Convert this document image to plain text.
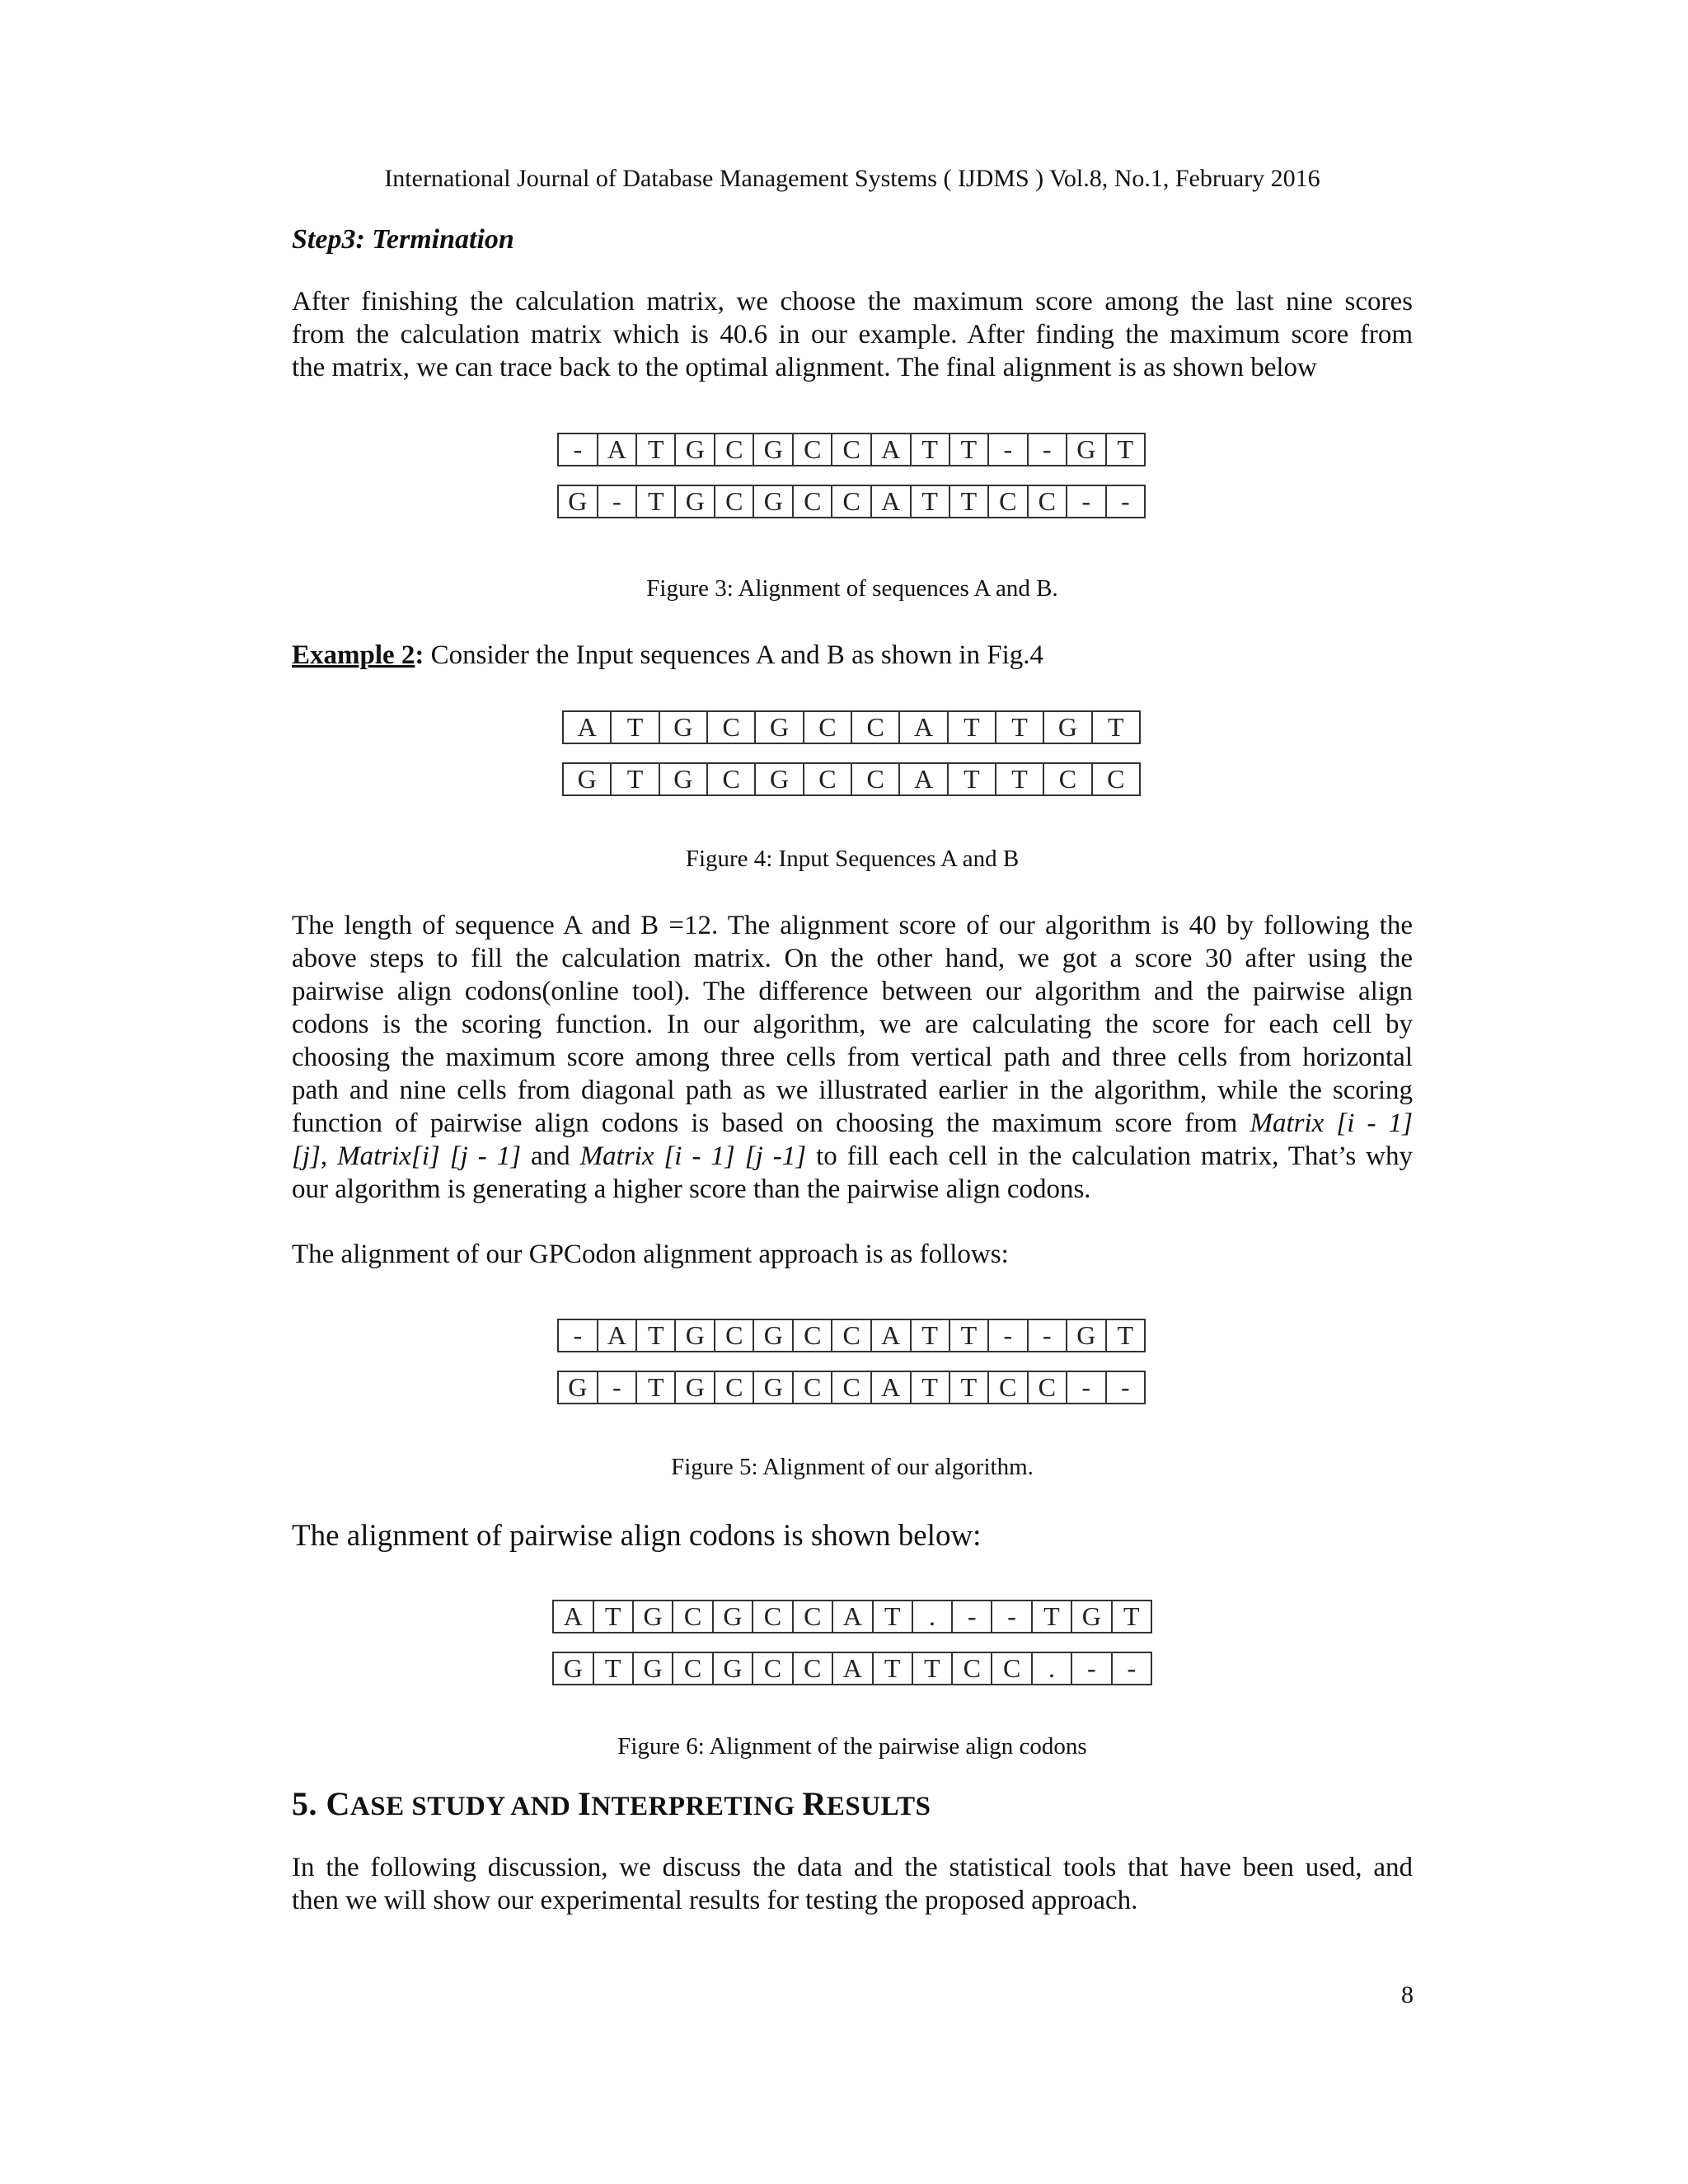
International Journal of Database Management Systems ( IJDMS ) Vol.8, No.1, February 2016
Step3: Termination
After finishing the calculation matrix, we choose the maximum score among the last nine scores
from the calculation matrix which is 40.6 in our example. After finding the maximum score from
the matrix, we can trace back to the optimal alignment. The final alignment is as shown below
-	A	T	G	C	G	C	C	A	T	T	-	-	G	T

G	-	T	G	C	G	C	C	A	T	T	C	C	-	-
Figure 3: Alignment of sequences A and B.
Example 2: Consider the Input sequences A and B as shown in Fig.4
A	T	G	C	G	C	C	A	T	T	G	T

G	T	G	C	G	C	C	A	T	T	C	C
Figure 4: Input Sequences A and B
The length of sequence A and B =12. The alignment score of our algorithm is 40 by following the
above steps to fill the calculation matrix. On the other hand, we got a score 30 after using the
pairwise align codons(online tool). The difference between our algorithm and the pairwise align
codons is the scoring function. In our algorithm, we are calculating the score for each cell by
choosing the maximum score among three cells from vertical path and three cells from horizontal
path and nine cells from diagonal path as we illustrated earlier in the algorithm, while the scoring
function of pairwise align codons is based on choosing the maximum score from Matrix [i - 1]
[j], Matrix[i] [j - 1] and Matrix [i - 1] [j -1] to fill each cell in the calculation matrix, That’s why
our algorithm is generating a higher score than the pairwise align codons.
The alignment of our GPCodon alignment approach is as follows:
-	A	T	G	C	G	C	C	A	T	T	-	-	G	T

G	-	T	G	C	G	C	C	A	T	T	C	C	-	-
Figure 5: Alignment of our algorithm.
The alignment of pairwise align codons is shown below:
A	T	G	C	G	C	C	A	T	.	-	-	T	G	T

G	T	G	C	G	C	C	A	T	T	C	C	.	-	-
Figure 6: Alignment of the pairwise align codons
5. CASE STUDY AND INTERPRETING RESULTS
In the following discussion, we discuss the data and the statistical tools that have been used, and
then we will show our experimental results for testing the proposed approach.
8
